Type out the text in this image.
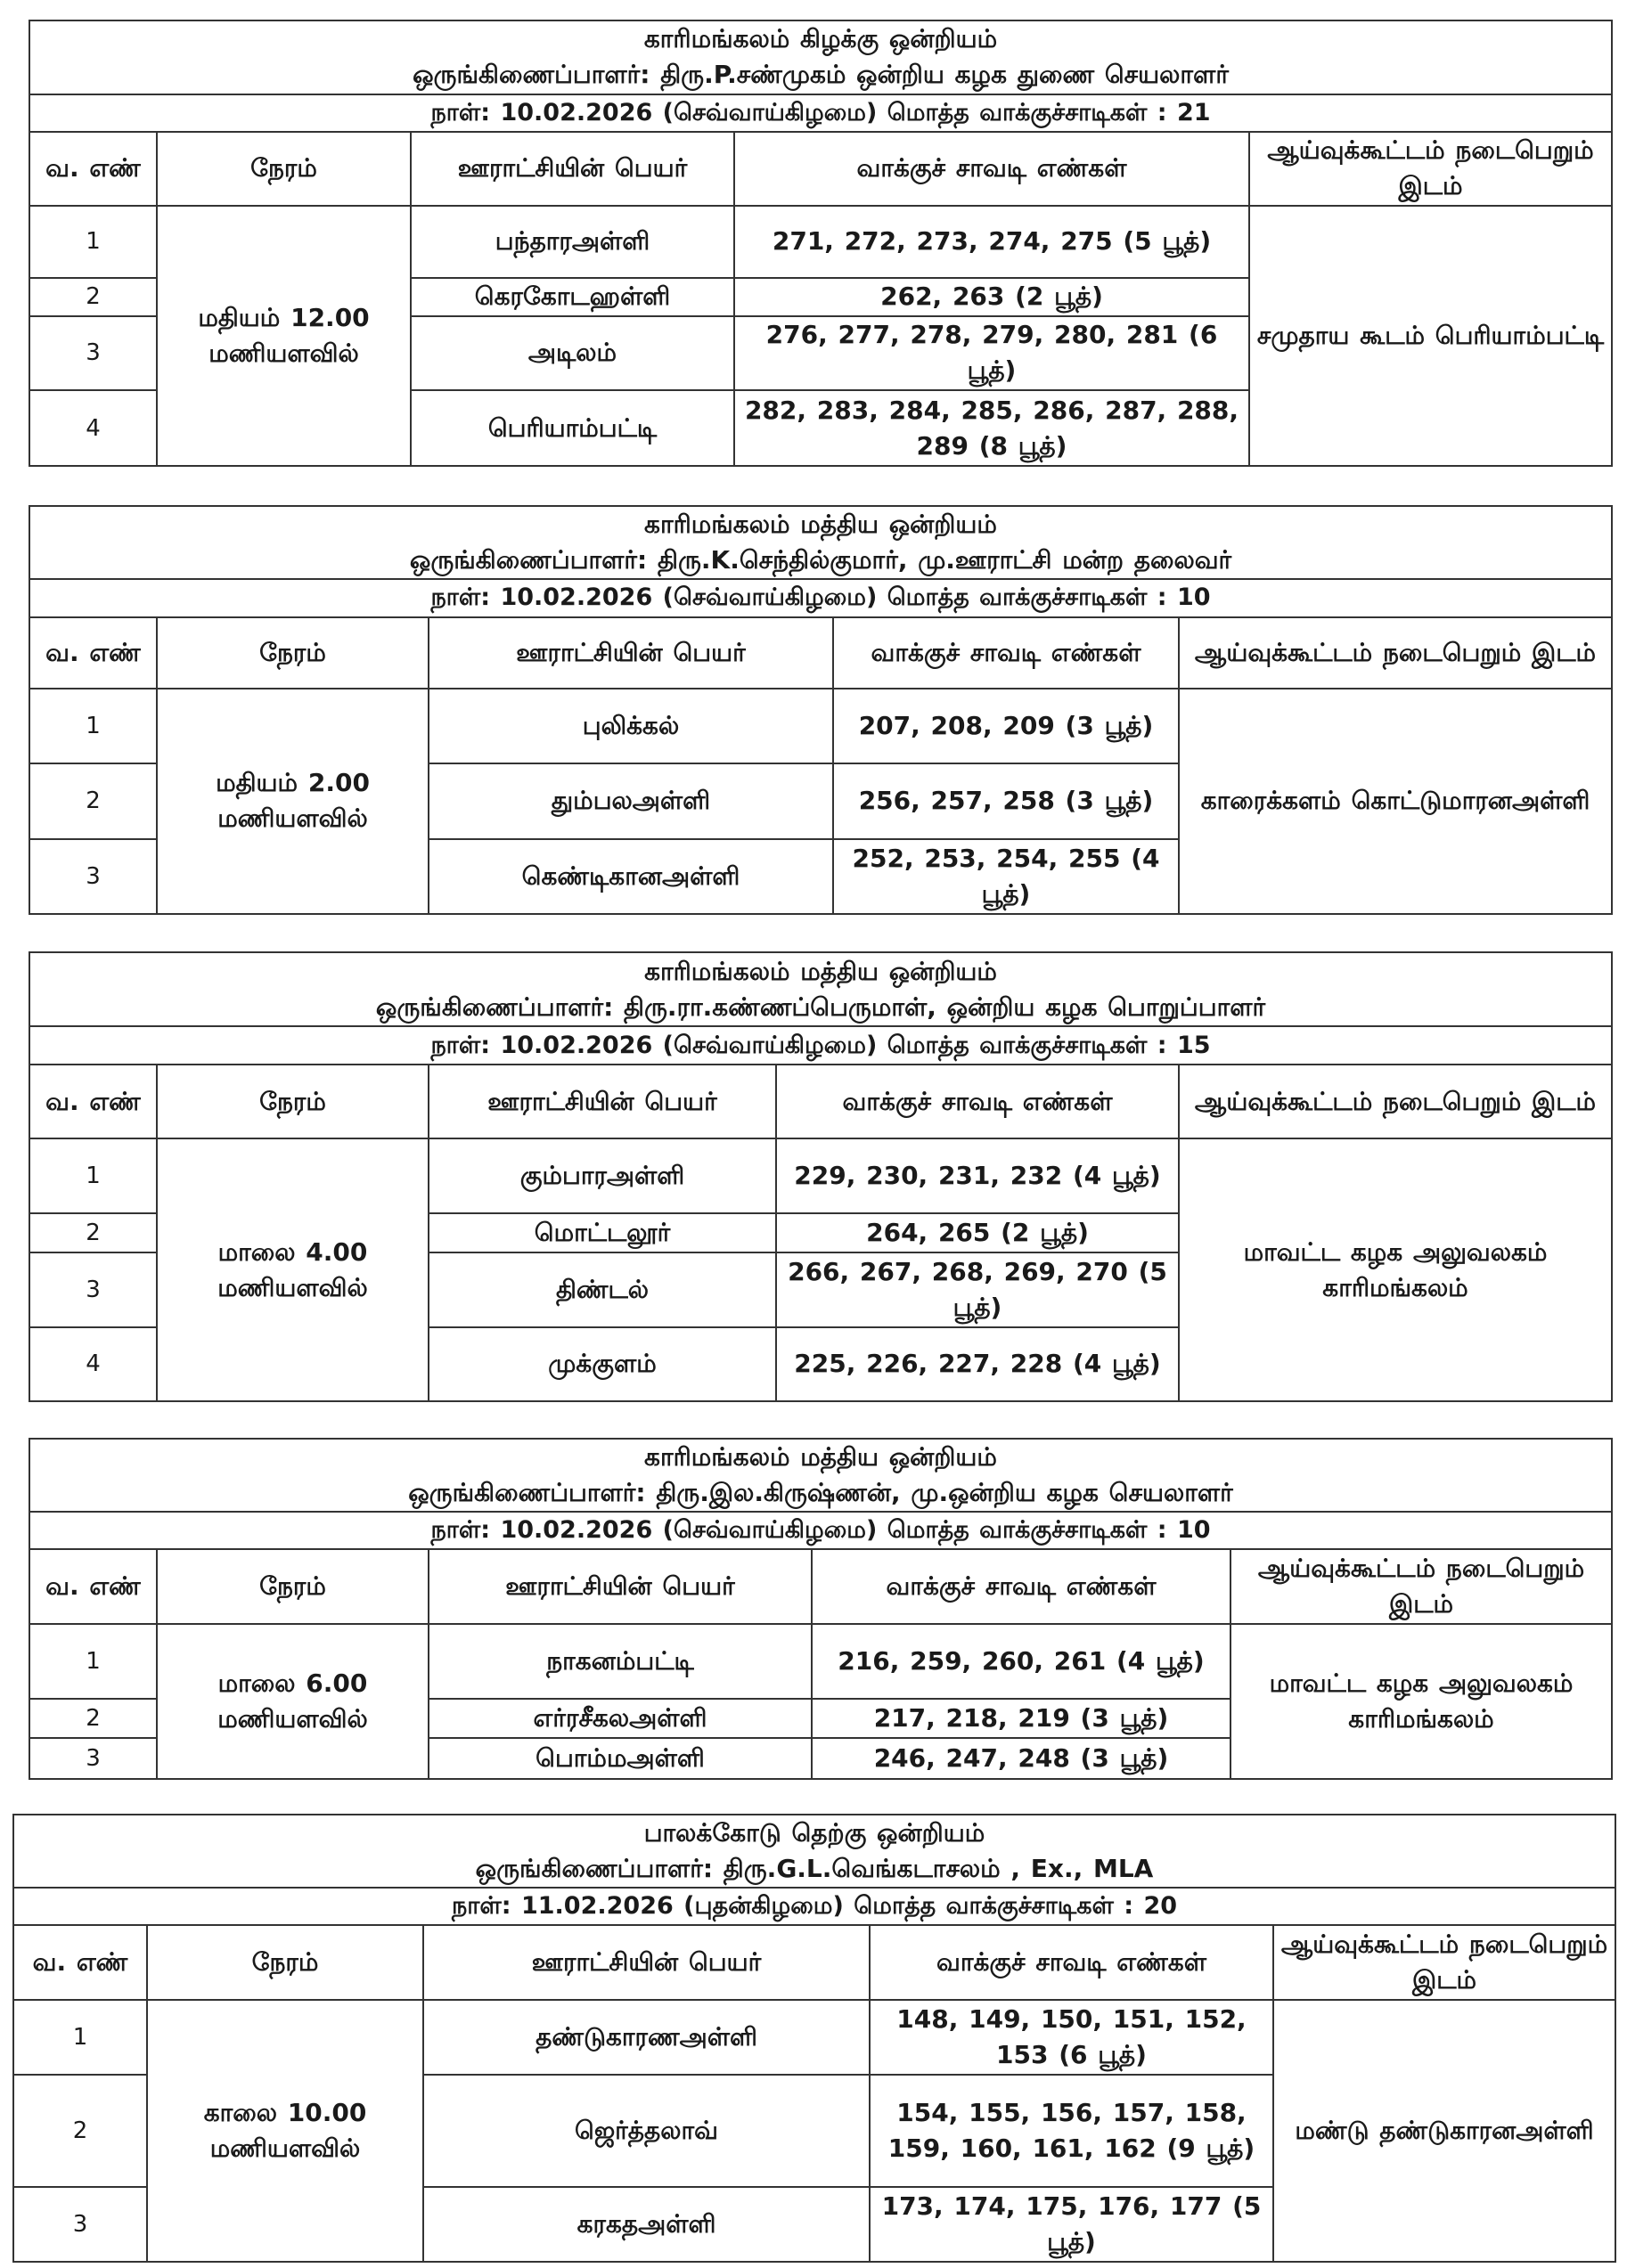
காரிமங்கலம் கிழக்கு ஒன்றியம்
ஒருங்கிணைப்பாளர்: திரு.P.சண்முகம் ஒன்றிய கழக துணை செயலாளர்				
நாள்: 10.02.2026 (செவ்வாய்கிழமை) மொத்த வாக்குச்சாடிகள் : 21				
வ. எண்	நேரம்	ஊராட்சியின் பெயர்	வாக்குச் சாவடி எண்கள்	ஆய்வுக்கூட்டம் நடைபெறும் இடம்
1	மதியம் 12.00 மணியளவில்	பந்தாரஅள்ளி	271, 272, 273, 274, 275 (5 பூத்)	சமுதாய கூடம் பெரியாம்பட்டி
2		கெரகோடஹள்ளி	262, 263 (2 பூத்)	
3		அடிலம்	276, 277, 278, 279, 280, 281 (6 பூத்)	
4		பெரியாம்பட்டி	282, 283, 284, 285, 286, 287, 288, 289 (8 பூத்)	
காரிமங்கலம் மத்திய ஒன்றியம்
ஒருங்கிணைப்பாளர்: திரு.K.செந்தில்குமார், மு.ஊராட்சி மன்ற தலைவர்				
நாள்: 10.02.2026 (செவ்வாய்கிழமை) மொத்த வாக்குச்சாடிகள் : 10				
வ. எண்	நேரம்	ஊராட்சியின் பெயர்	வாக்குச் சாவடி எண்கள்	ஆய்வுக்கூட்டம் நடைபெறும் இடம்
1	மதியம் 2.00 மணியளவில்	புலிக்கல்	207, 208, 209 (3 பூத்)	காரைக்களம் கொட்டுமாரனஅள்ளி
2		தும்பலஅள்ளி	256, 257, 258 (3 பூத்)	
3		கெண்டிகானஅள்ளி	252, 253, 254, 255 (4 பூத்)	
காரிமங்கலம் மத்திய ஒன்றியம்
ஒருங்கிணைப்பாளர்: திரு.ரா.கண்ணப்பெருமாள், ஒன்றிய கழக பொறுப்பாளர்				
நாள்: 10.02.2026 (செவ்வாய்கிழமை) மொத்த வாக்குச்சாடிகள் : 15				
வ. எண்	நேரம்	ஊராட்சியின் பெயர்	வாக்குச் சாவடி எண்கள்	ஆய்வுக்கூட்டம் நடைபெறும் இடம்
1	மாலை 4.00 மணியளவில்	கும்பாரஅள்ளி	229, 230, 231, 232 (4 பூத்)	மாவட்ட கழக அலுவலகம் காரிமங்கலம்
2		மொட்டலூர்	264, 265 (2 பூத்)	
3		திண்டல்	266, 267, 268, 269, 270 (5 பூத்)	
4		முக்குளம்	225, 226, 227, 228 (4 பூத்)	
காரிமங்கலம் மத்திய ஒன்றியம்
ஒருங்கிணைப்பாளர்: திரு.இல.கிருஷ்ணன், மு.ஒன்றிய கழக செயலாளர்				
நாள்: 10.02.2026 (செவ்வாய்கிழமை) மொத்த வாக்குச்சாடிகள் : 10				
வ. எண்	நேரம்	ஊராட்சியின் பெயர்	வாக்குச் சாவடி எண்கள்	ஆய்வுக்கூட்டம் நடைபெறும் இடம்
1	மாலை 6.00 மணியளவில்	நாகனம்பட்டி	216, 259, 260, 261 (4 பூத்)	மாவட்ட கழக அலுவலகம் காரிமங்கலம்
2		எர்ரசீகலஅள்ளி	217, 218, 219 (3 பூத்)	
3		பொம்மஅள்ளி	246, 247, 248 (3 பூத்)	
பாலக்கோடு தெற்கு ஒன்றியம்
ஒருங்கிணைப்பாளர்: திரு.G.L.வெங்கடாசலம் , Ex., MLA				
நாள்: 11.02.2026 (புதன்கிழமை) மொத்த வாக்குச்சாடிகள் : 20				
வ. எண்	நேரம்	ஊராட்சியின் பெயர்	வாக்குச் சாவடி எண்கள்	ஆய்வுக்கூட்டம் நடைபெறும் இடம்
1	காலை 10.00 மணியளவில்	தண்டுகாரணஅள்ளி	148, 149, 150, 151, 152, 153 (6 பூத்)	மண்டு தண்டுகாரனஅள்ளி
2		ஜெர்த்தலாவ்	154, 155, 156, 157, 158, 159, 160, 161, 162 (9 பூத்)	
3		கரகதஅள்ளி	173, 174, 175, 176, 177 (5 பூத்)	
